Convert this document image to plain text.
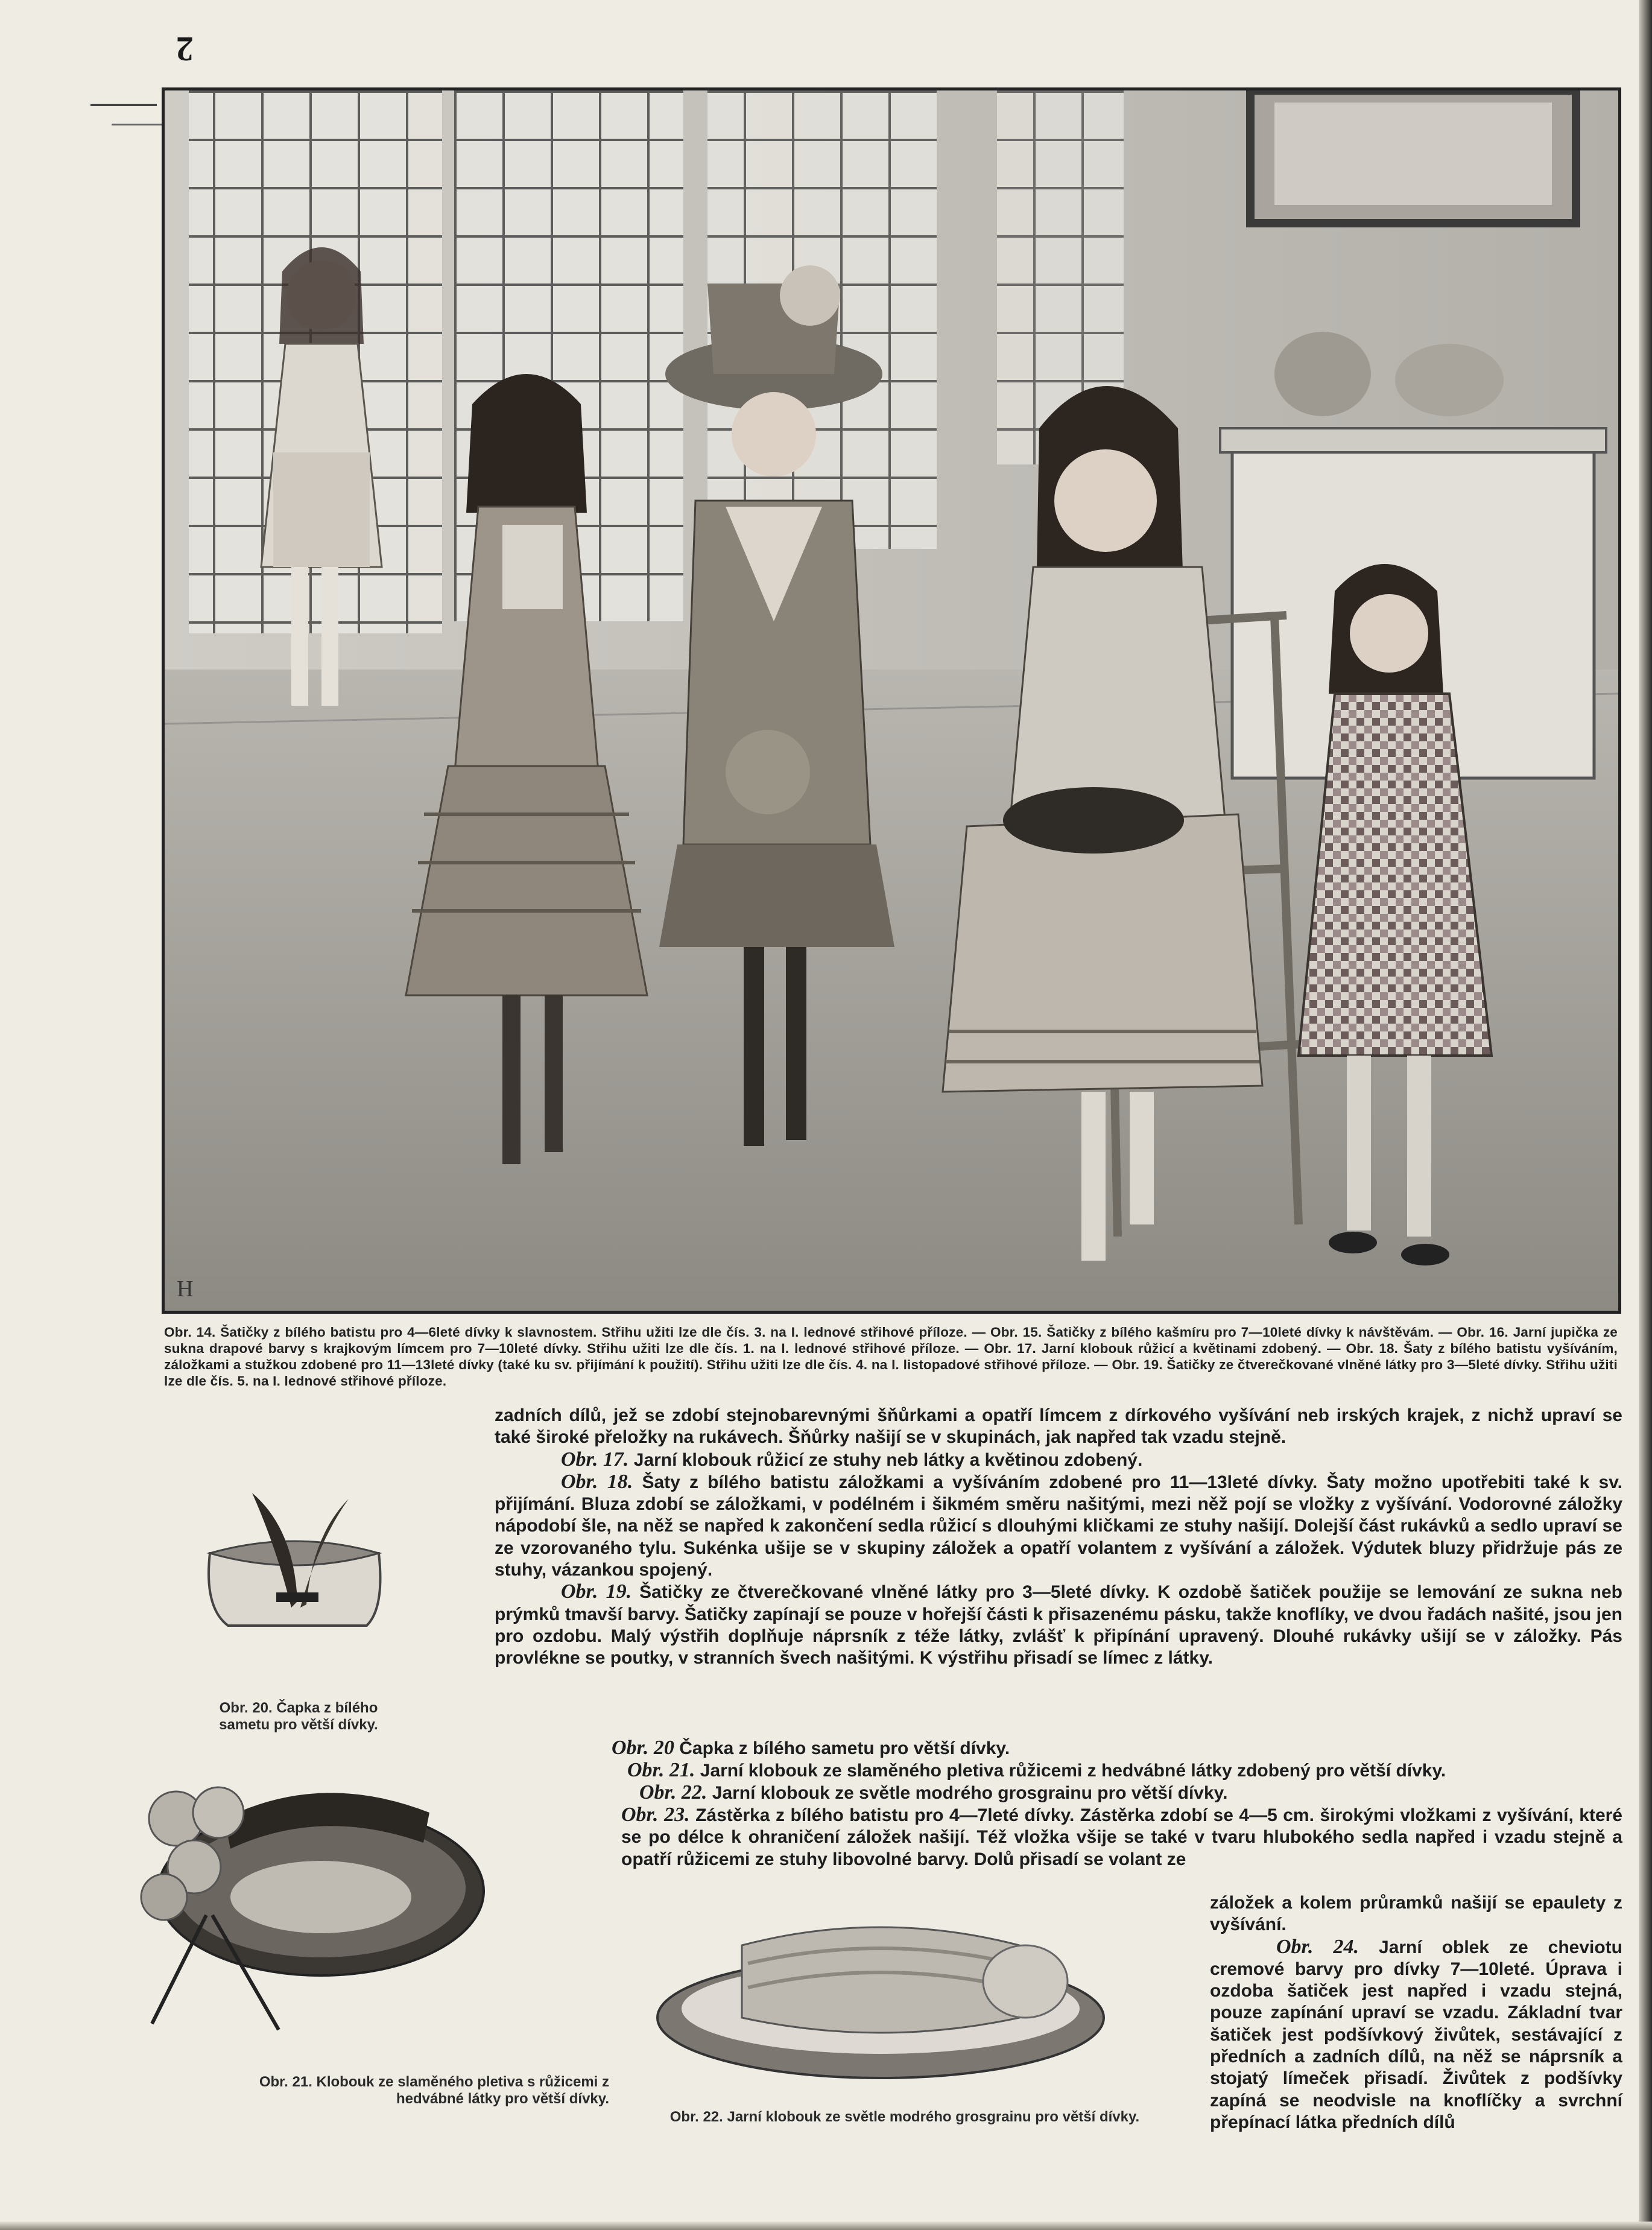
2
H
Obr. 14. Šatičky z bílého batistu pro 4—6leté dívky k slavnostem. Střihu užiti lze dle čís. 3. na I. lednové střihové příloze. — Obr. 15. Šatičky z bílého kašmíru pro 7—10leté dívky k návštěvám. — Obr. 16. Jarní jupička ze sukna drapové barvy s krajkovým límcem pro 7—10leté dívky. Střihu užiti lze dle čís. 1. na I. lednové střihové příloze. — Obr. 17. Jarní klobouk růžicí a květinami zdobený. — Obr. 18. Šaty z bílého batistu vyšíváním, záložkami a stužkou zdobené pro 11—13leté dívky (také ku sv. přijímání k použití). Střihu užiti lze dle čís. 4. na I. listopadové střihové příloze. — Obr. 19. Šatičky ze čtverečkované vlněné látky pro 3—5leté dívky. Střihu užiti lze dle čís. 5. na I. lednové střihové příloze.
Obr. 20. Čapka z bílého sametu pro větší dívky.
Obr. 21. Klobouk ze slaměného pletiva s růžicemi z hedvábné látky pro větší dívky.
Obr. 22. Jarní klobouk ze světle modrého grosgrainu pro větší dívky.

zadních dílů, jež se zdobí stejnobarevnými šňůrkami a opatří límcem z dírkového vyšívání neb irských krajek, z nichž upraví se také široké přeložky na rukávech. Šňůrky našijí se v skupinách, jak napřed tak vzadu stejně.

Obr. 17. Jarní klobouk růžicí ze stuhy neb látky a květinou zdobený.

Obr. 18. Šaty z bílého batistu záložkami a vyšíváním zdobené pro 11—13leté dívky. Šaty možno upotřebiti také k sv. přijímání. Bluza zdobí se záložkami, v podélném i šikmém směru našitými, mezi něž pojí se vložky z vyšívání. Vodorovné záložky nápodobí šle, na něž se napřed k zakončení sedla růžicí s dlouhými kličkami ze stuhy našijí. Dolejší část rukávků a sedlo upraví se ze vzorovaného tylu. Sukénka ušije se v skupiny záložek a opatří volantem z vyšívání a záložek. Výdutek bluzy přidržuje pás ze stuhy, vázankou spojený.

Obr. 19. Šatičky ze čtverečkované vlněné látky pro 3—5leté dívky. K ozdobě šatiček použije se lemování ze sukna neb prýmků tmavší barvy. Šatičky zapínají se pouze v hořejší části k přisazenému pásku, takže knoflíky, ve dvou řadách našité, jsou jen pro ozdobu. Malý výstřih doplňuje náprsník z téže látky, zvlášť k připínání upravený. Dlouhé rukávky ušijí se v záložky. Pás provlékne se poutky, v stranních švech našitými. K výstřihu přisadí se límec z látky.

Obr. 20 Čapka z bílého sametu pro větší dívky.

Obr. 21. Jarní klobouk ze slaměného pletiva růžicemi z hedvábné látky zdobený pro větší dívky.

Obr. 22. Jarní klobouk ze světle modrého grosgrainu pro větší dívky.

Obr. 23. Zástěrka z bílého batistu pro 4—7leté dívky. Zástěrka zdobí se 4—5 cm. širokými vložkami z vyšívání, které se po délce k ohraničení záložek našijí. Též vložka všije se také v tvaru hlubokého sedla napřed i vzadu stejně a opatří růžicemi ze stuhy libovolné barvy. Dolů přisadí se volant ze

záložek a kolem průramků našijí se epaulety z vyšívání.

Obr. 24. Jarní oblek ze cheviotu cremové barvy pro dívky 7—10leté. Úprava i ozdoba šatiček jest napřed i vzadu stejná, pouze zapínání upraví se vzadu. Základní tvar šatiček jest podšívkový živůtek, sestávající z předních a zadních dílů, na něž se náprsník a stojatý límeček přisadí. Živůtek z podšívky zapíná se neodvisle na knoflíčky a svrchní přepínací látka předních dílů
